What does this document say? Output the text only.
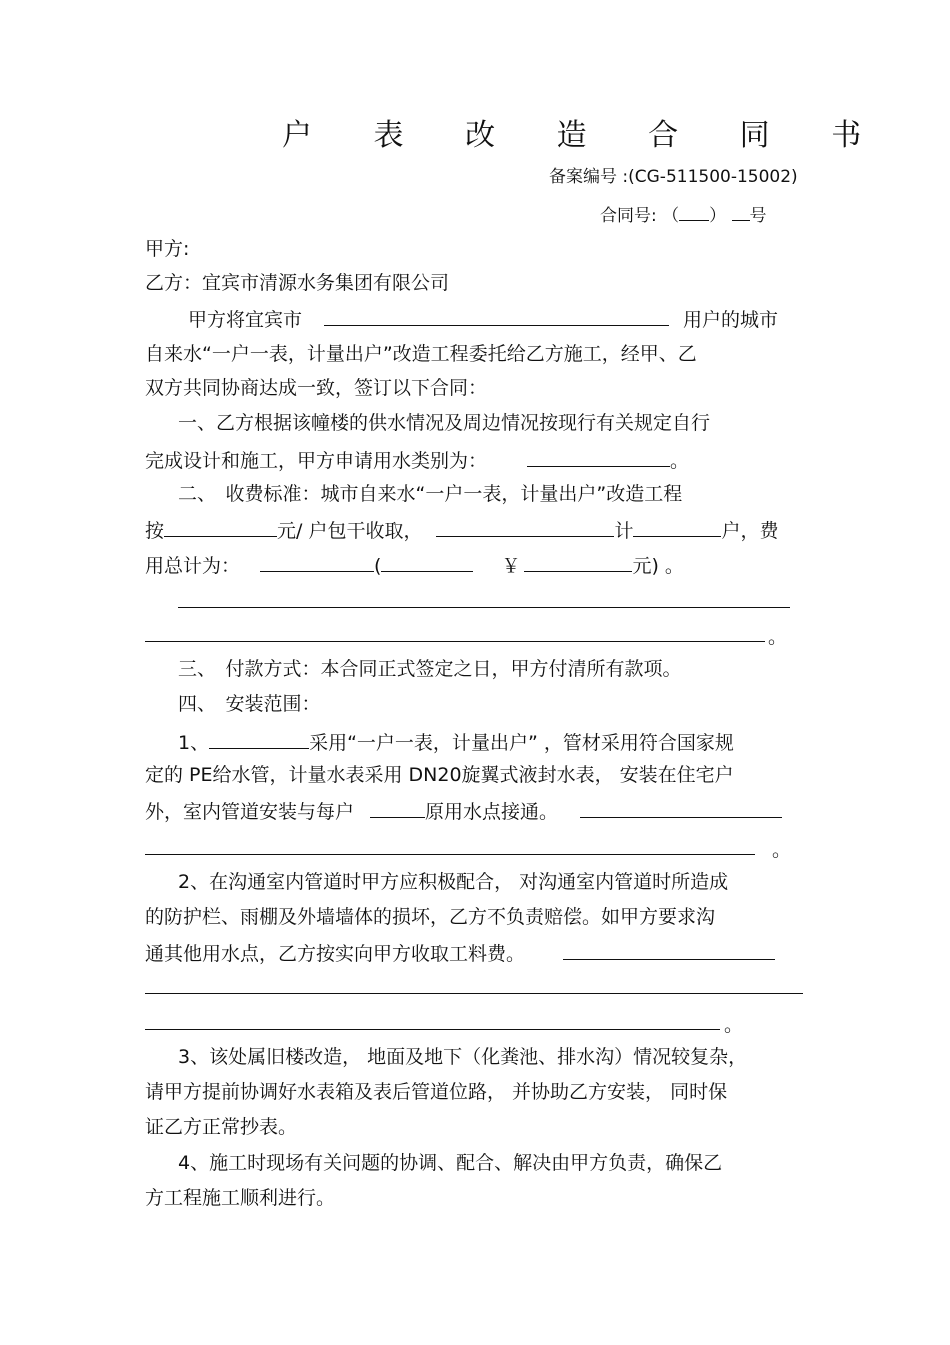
户 表 改 造 合 同 书
备案编号 :(CG-511500-15002)
合同号: （ ） 号
甲方:
乙方：宜宾市清源水务集团有限公司
甲方将宜宾市	用户的城市
自来水“一户一表，计量出户”改造工程委托给乙方施工，经甲、乙
双方共同协商达成一致，签订以下合同：
一、乙方根据该幢楼的供水情况及周边情况按现行有关规定自行
完成设计和施工，甲方申请用水类别为：	。
二、　收费标准：城市自来水“一户一表，计量出户”改造工程
按	元/ 户包干收取，	计	户，费
用总计为：	(	￥	元) 。
。
三、　付款方式：本合同正式签定之日，甲方付清所有款项。
四、　安装范围：
1、	采用“一户一表，计量出户” ，管材采用符合国家规
定的 PE给水管，计量水表采用 DN20旋翼式液封水表， 安装在住宅户
外，室内管道安装与每户	原用水点接通。
。
2、在沟通室内管道时甲方应积极配合， 对沟通室内管道时所造成
的防护栏、雨棚及外墙墙体的损坏，乙方不负责赔偿。如甲方要求沟
通其他用水点，乙方按实向甲方收取工料费。
。
3、该处属旧楼改造， 地面及地下（化粪池、排水沟）情况较复杂，
请甲方提前协调好水表箱及表后管道位路， 并协助乙方安装， 同时保
证乙方正常抄表。
4、施工时现场有关问题的协调、配合、解决由甲方负责，确保乙
方工程施工顺利进行。
